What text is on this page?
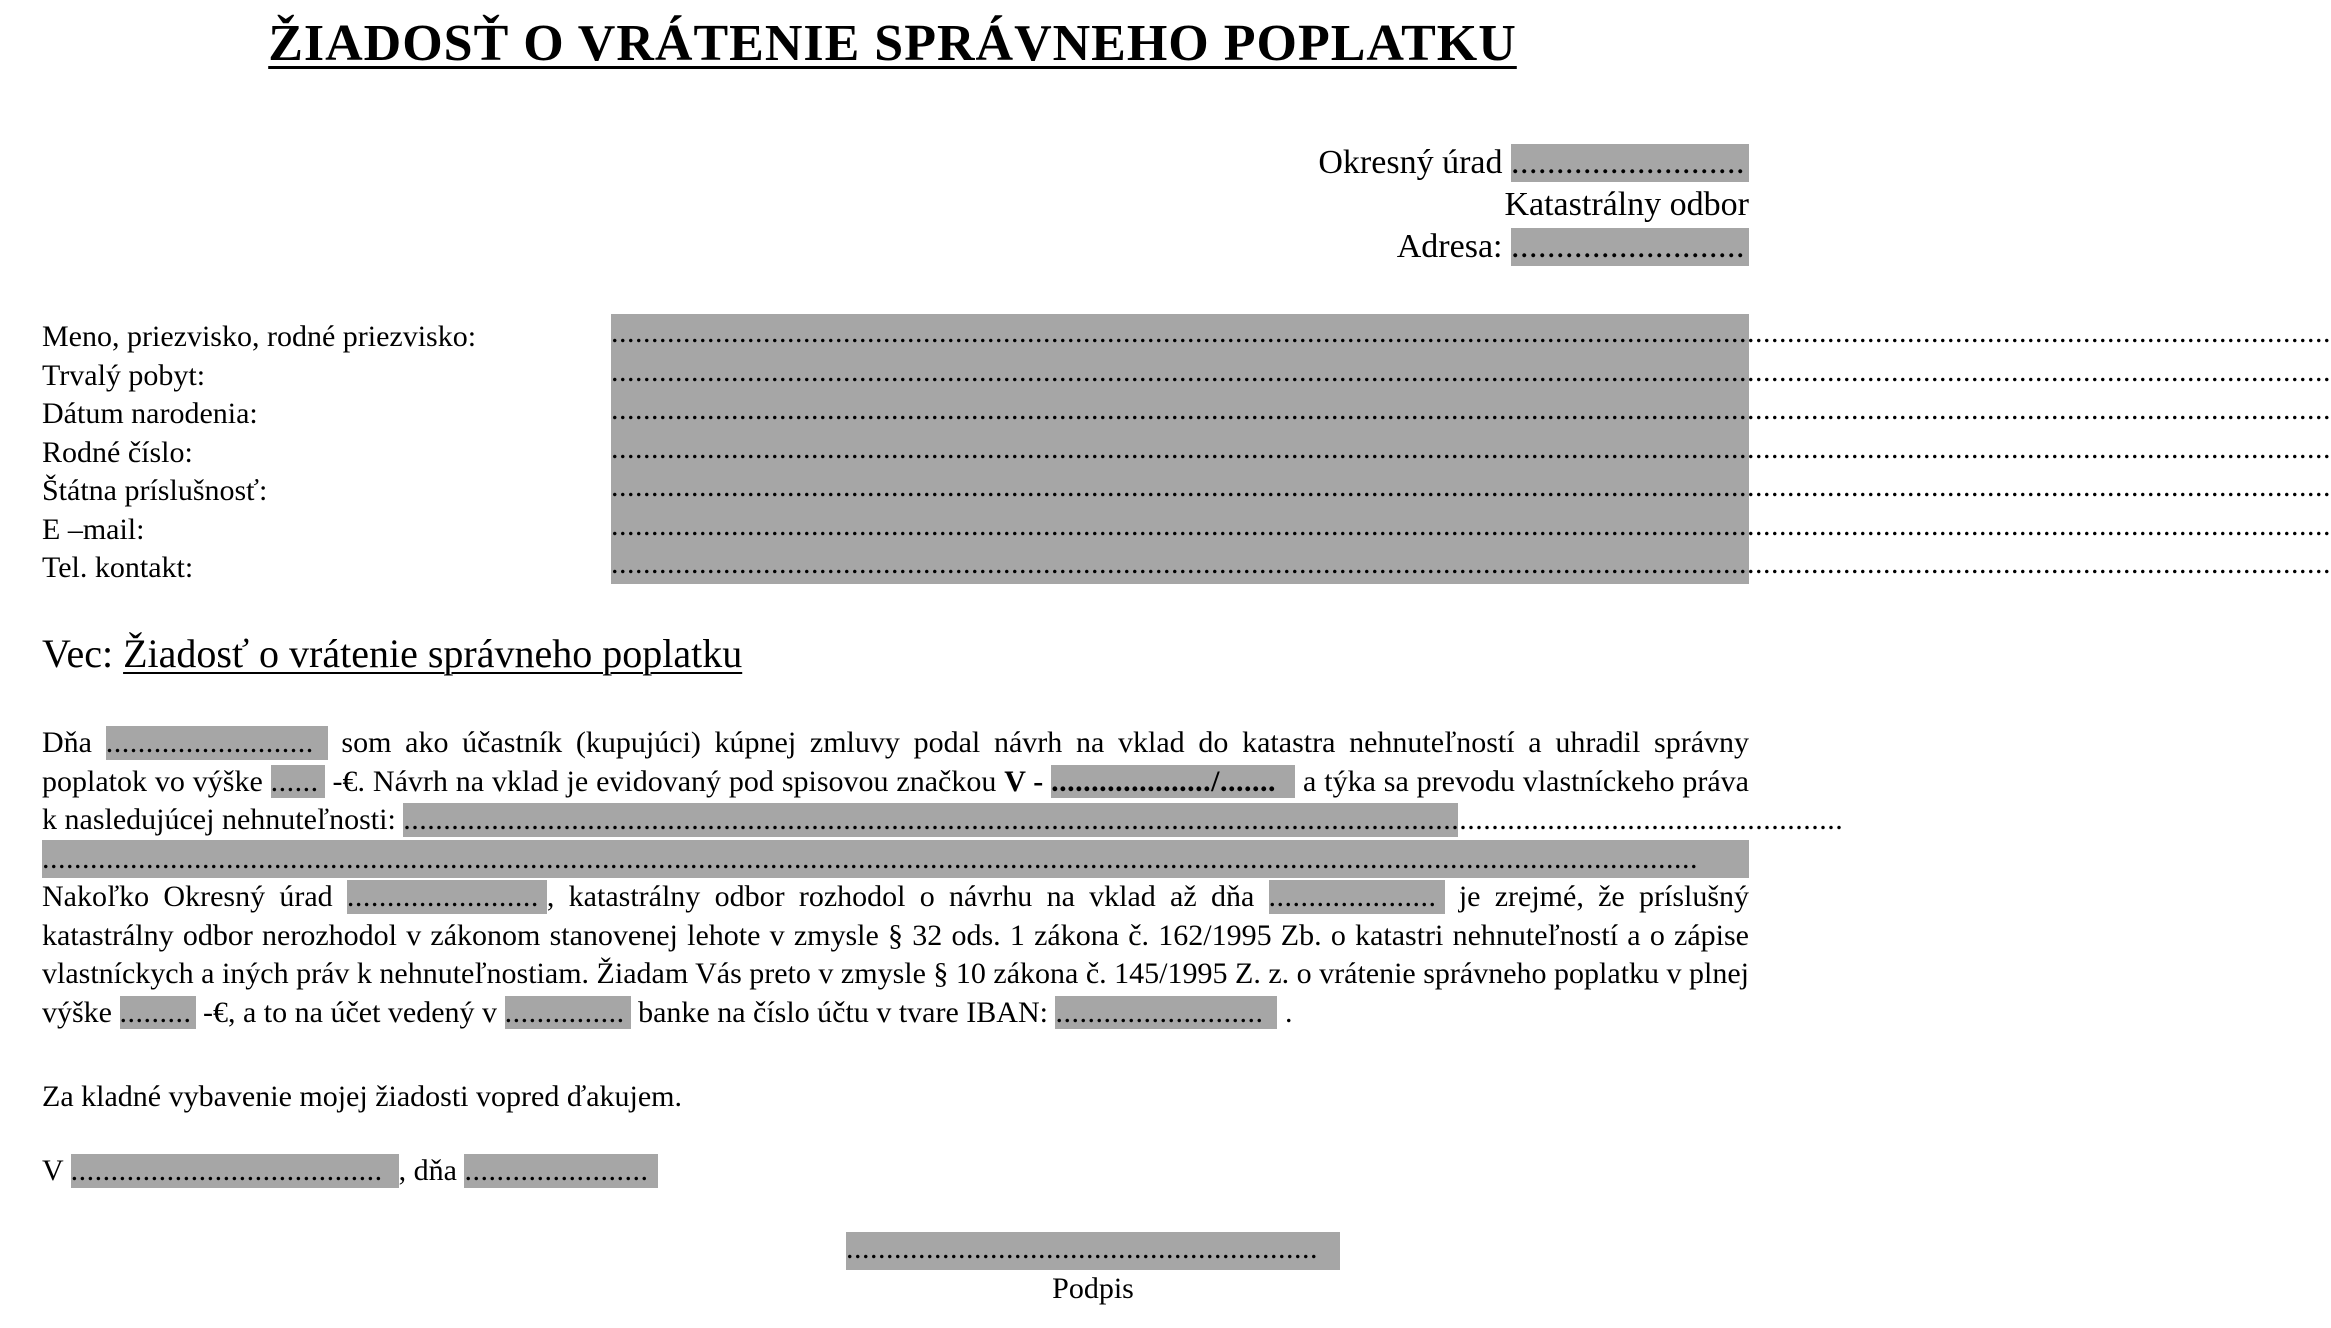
ŽIADOSŤ O VRÁTENIE SPRÁVNEHO POPLATKU
Okresný úrad ..........................
Katastrálny odbor
Adresa: ..........................
Meno, priezvisko, rodné priezvisko:
Trvalý pobyt:
Dátum narodenia:
Rodné číslo:
Štátna príslušnosť:
E –mail:
Tel. kontakt:
.......................................................................................................................................................................................................................
.......................................................................................................................................................................................................................
.......................................................................................................................................................................................................................
.......................................................................................................................................................................................................................
.......................................................................................................................................................................................................................
.......................................................................................................................................................................................................................
.......................................................................................................................................................................................................................
Vec: Žiadosť o vrátenie správneho poplatku

Dňa .......................... som ako účastník (kupujúci) kúpnej zmluvy podal návrh na vklad do katastra nehnuteľností a uhradil správny poplatok vo výške ...... -€. Návrh na vklad je evidovaný pod spisovou značkou V - ..................../....... a týka sa prevodu vlastníckeho práva k nasledujúcej nehnuteľnosti: ....................................................................................................................................................................................

...............................................................................................................................................................................................................

Nakoľko Okresný úrad ........................ , katastrálny odbor rozhodol o návrhu na vklad až dňa ..................... je zrejmé, že príslušný katastrálny odbor nerozhodol v zákonom stanovenej lehote v zmysle § 32 ods. 1 zákona č. 162/1995 Zb. o katastri nehnuteľností a o zápise vlastníckych a iných práv k nehnuteľnostiam. Žiadam Vás preto v zmysle § 10 zákona č. 145/1995 Z. z. o vrátenie správneho poplatku v plnej výške ......... -€, a to na účet vedený v ............... banke na číslo účtu v tvare IBAN: .......................... .

Za kladné vybavenie mojej žiadosti vopred ďakujem.
V ....................................... , dňa .......................
...........................................................
Podpis
